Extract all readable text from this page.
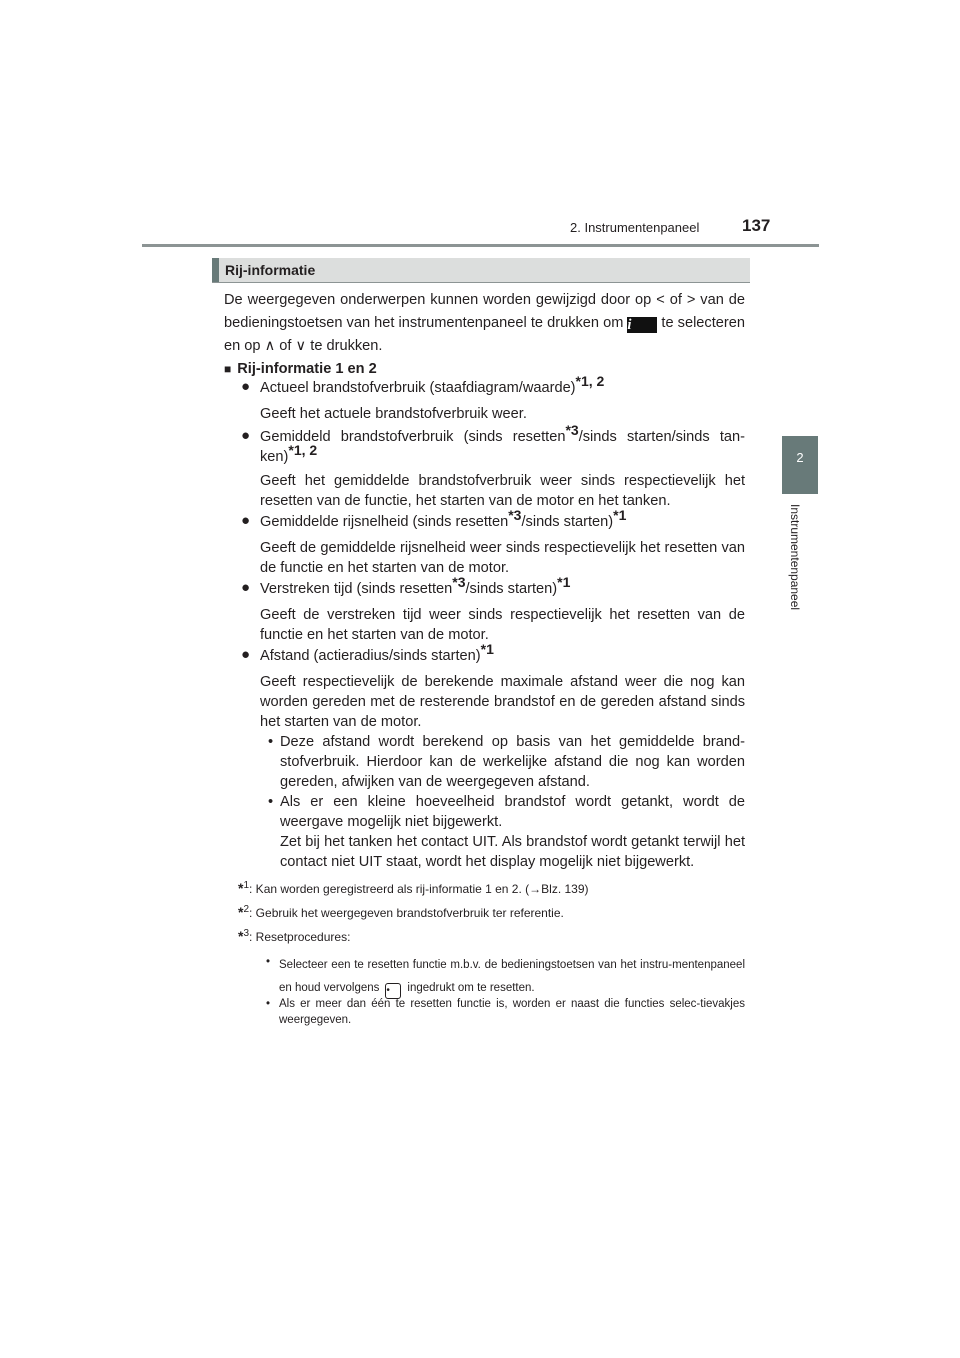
2. Instrumentenpaneel	137
2
Instrumentenpaneel
Rij-informatie
De weergegeven onderwerpen kunnen worden gewijzigd door op < of > van de bedieningstoetsen van het instrumentenpaneel te drukken om i te selecteren en op ∧ of ∨ te drukken.
■ Rij-informatie 1 en 2
● Actueel brandstofverbruik (staafdiagram/waarde)$^{*1, 2}$
Geeft het actuele brandstofverbruik weer.
● Gemiddeld brandstofverbruik (sinds resetten$^{*3}$/sinds starten/sinds tan-ken)$^{*1, 2}$
Geeft het gemiddelde brandstofverbruik weer sinds respectievelijk het resetten van de functie, het starten van de motor en het tanken.
● Gemiddelde rijsnelheid (sinds resetten$^{*3}$/sinds starten)$^{*1}$
Geeft de gemiddelde rijsnelheid weer sinds respectievelijk het resetten van de functie en het starten van de motor.
● Verstreken tijd (sinds resetten$^{*3}$/sinds starten)$^{*1}$
Geeft de verstreken tijd weer sinds respectievelijk het resetten van de functie en het starten van de motor.
● Afstand (actieradius/sinds starten)$^{*1}$
Geeft respectievelijk de berekende maximale afstand weer die nog kan worden gereden met de resterende brandstof en de gereden afstand sinds het starten van de motor.
• Deze afstand wordt berekend op basis van het gemiddelde brand-stofverbruik. Hierdoor kan de werkelijke afstand die nog kan worden gereden, afwijken van de weergegeven afstand.
• Als er een kleine hoeveelheid brandstof wordt getankt, wordt de weergave mogelijk niet bijgewerkt.
Zet bij het tanken het contact UIT. Als brandstof wordt getankt terwijl het contact niet UIT staat, wordt het display mogelijk niet bijgewerkt.
*$^1$: Kan worden geregistreerd als rij-informatie 1 en 2. (→Blz. 139)
*$^2$: Gebruik het weergegeven brandstofverbruik ter referentie.
*$^3$: Resetprocedures:
• Selecteer een te resetten functie m.b.v. de bedieningstoetsen van het instru-mentenpaneel en houd vervolgens • ingedrukt om te resetten.
• Als er meer dan één te resetten functie is, worden er naast die functies selec-tievakjes weergegeven.
